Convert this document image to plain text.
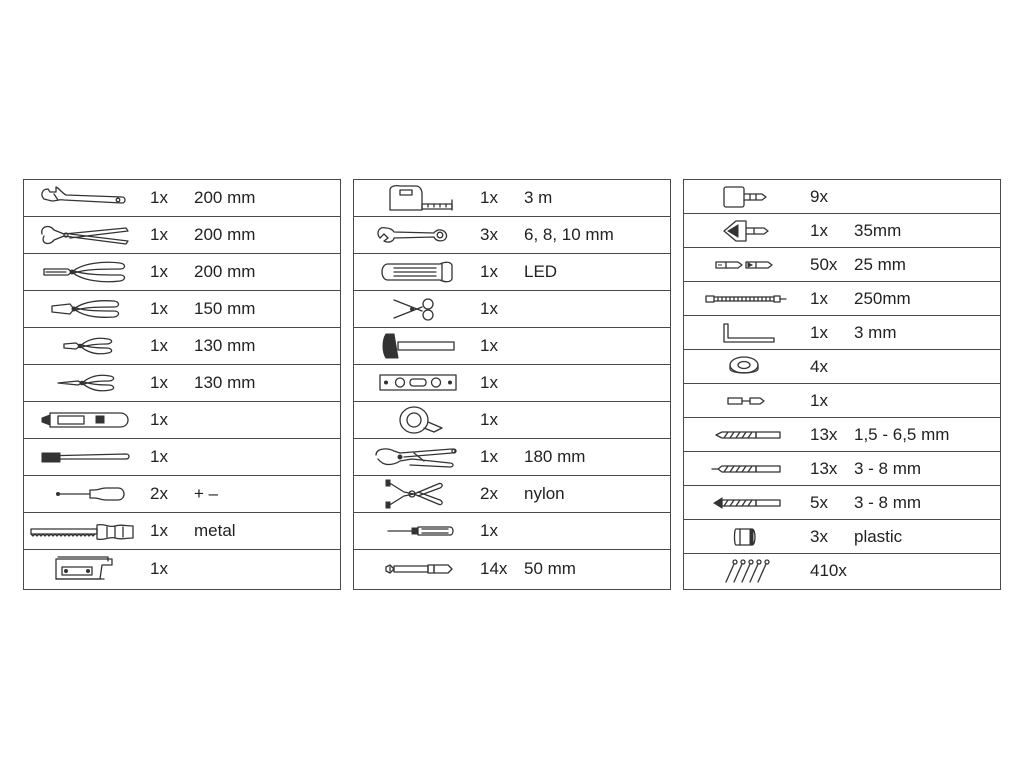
1x 200 mm
1x 200 mm
1x 200 mm
1x 150 mm
1x 130 mm
1x 130 mm
1x
1x
2x + –
1x metal
1x
1x 3 m
3x 6, 8, 10 mm
1x LED
1x
1x
1x
1x
1x 180 mm
2x nylon
1x
14x 50 mm
9x
1x 35mm
50x 25 mm
1x 250mm
1x 3 mm
4x
1x
13x 1,5 - 6,5 mm
13x 3 - 8 mm
5x 3 - 8 mm
3x plastic
410x
